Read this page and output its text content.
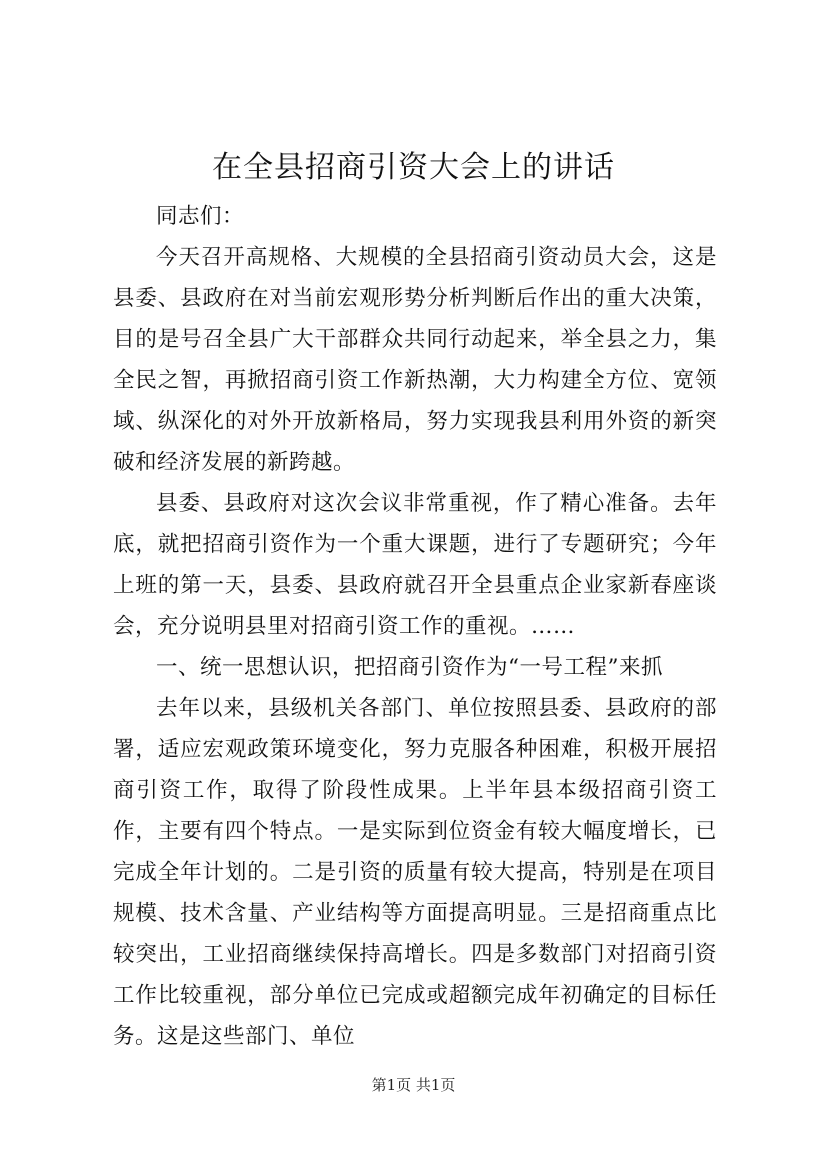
在全县招商引资大会上的讲话

同志们：

今天召开高规格、大规模的全县招商引资动员大会，这是县委、县政府在对当前宏观形势分析判断后作出的重大决策，目的是号召全县广大干部群众共同行动起来，举全县之力，集全民之智，再掀招商引资工作新热潮，大力构建全方位、宽领域、纵深化的对外开放新格局，努力实现我县利用外资的新突破和经济发展的新跨越。

县委、县政府对这次会议非常重视，作了精心准备。去年底，就把招商引资作为一个重大课题，进行了专题研究；今年上班的第一天，县委、县政府就召开全县重点企业家新春座谈会，充分说明县里对招商引资工作的重视。……

一、统一思想认识，把招商引资作为“一号工程”来抓

去年以来，县级机关各部门、单位按照县委、县政府的部署，适应宏观政策环境变化，努力克服各种困难，积极开展招商引资工作，取得了阶段性成果。上半年县本级招商引资工作，主要有四个特点。一是实际到位资金有较大幅度增长，已完成全年计划的。二是引资的质量有较大提高，特别是在项目规模、技术含量、产业结构等方面提高明显。三是招商重点比较突出，工业招商继续保持高增长。四是多数部门对招商引资工作比较重视，部分单位已完成或超额完成年初确定的目标任务。这是这些部门、单位

第1页 共1页
